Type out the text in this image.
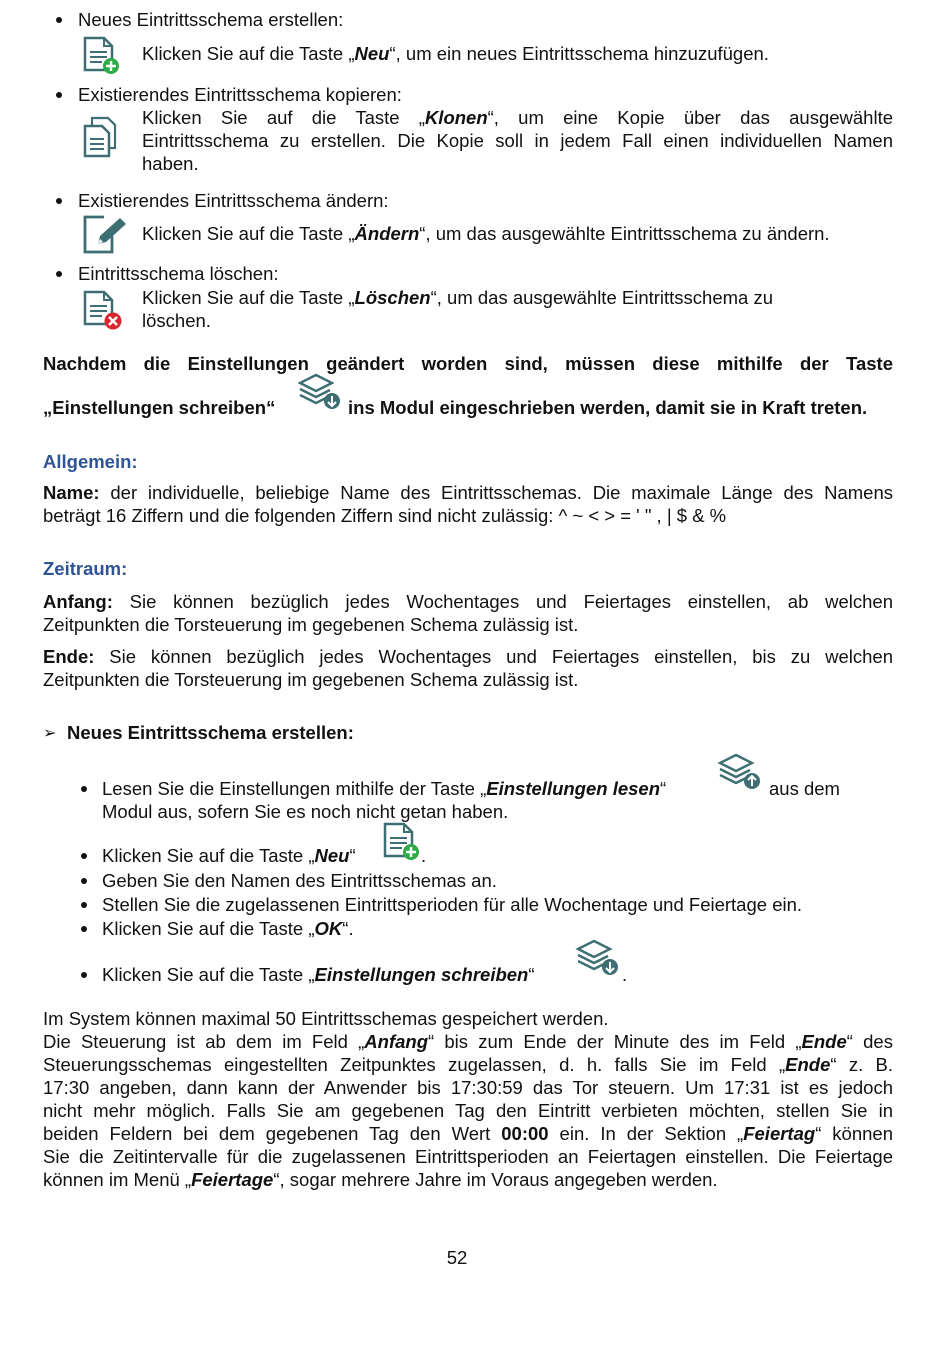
Neues Eintrittsschema erstellen:
Klicken Sie auf die Taste „Neu“, um ein neues Eintrittsschema hinzuzufügen.
Existierendes Eintrittsschema kopieren:
Klicken Sie auf die Taste „Klonen“, um eine Kopie über das ausgewählte
Eintrittsschema zu erstellen. Die Kopie soll in jedem Fall einen individuellen Namen
haben.
Existierendes Eintrittsschema ändern:
Klicken Sie auf die Taste „Ändern“, um das ausgewählte Eintrittsschema zu ändern.
Eintrittsschema löschen:
Klicken Sie auf die Taste „Löschen“, um das ausgewählte Eintrittsschema zu
löschen.
Nachdem die Einstellungen geändert worden sind, müssen diese mithilfe der Taste
„Einstellungen schreiben“	ins Modul eingeschrieben werden, damit sie in Kraft treten.
Allgemein:
Name: der individuelle, beliebige Name des Eintrittsschemas. Die maximale Länge des Namens
beträgt 16 Ziffern und die folgenden Ziffern sind nicht zulässig: ^ ~ < > = ' " , | $ & %
Zeitraum:
Anfang: Sie können bezüglich jedes Wochentages und Feiertages einstellen, ab welchen
Zeitpunkten die Torsteuerung im gegebenen Schema zulässig ist.
Ende: Sie können bezüglich jedes Wochentages und Feiertages einstellen, bis zu welchen
Zeitpunkten die Torsteuerung im gegebenen Schema zulässig ist.
➢ Neues Eintrittsschema erstellen:
Lesen Sie die Einstellungen mithilfe der Taste „Einstellungen lesen“	aus dem
Modul aus, sofern Sie es noch nicht getan haben.
Klicken Sie auf die Taste „Neu“	.
Geben Sie den Namen des Eintrittsschemas an.
Stellen Sie die zugelassenen Eintrittsperioden für alle Wochentage und Feiertage ein.
Klicken Sie auf die Taste „OK“.
Klicken Sie auf die Taste „Einstellungen schreiben“	.
Im System können maximal 50 Eintrittsschemas gespeichert werden.
Die Steuerung ist ab dem im Feld „Anfang“ bis zum Ende der Minute des im Feld „Ende“ des
Steuerungsschemas eingestellten Zeitpunktes zugelassen, d. h. falls Sie im Feld „Ende“ z. B.
17:30 angeben, dann kann der Anwender bis 17:30:59 das Tor steuern. Um 17:31 ist es jedoch
nicht mehr möglich. Falls Sie am gegebenen Tag den Eintritt verbieten möchten, stellen Sie in
beiden Feldern bei dem gegebenen Tag den Wert 00:00 ein. In der Sektion „Feiertag“ können
Sie die Zeitintervalle für die zugelassenen Eintrittsperioden an Feiertagen einstellen. Die Feiertage
können im Menü „Feiertage“, sogar mehrere Jahre im Voraus angegeben werden.
52
